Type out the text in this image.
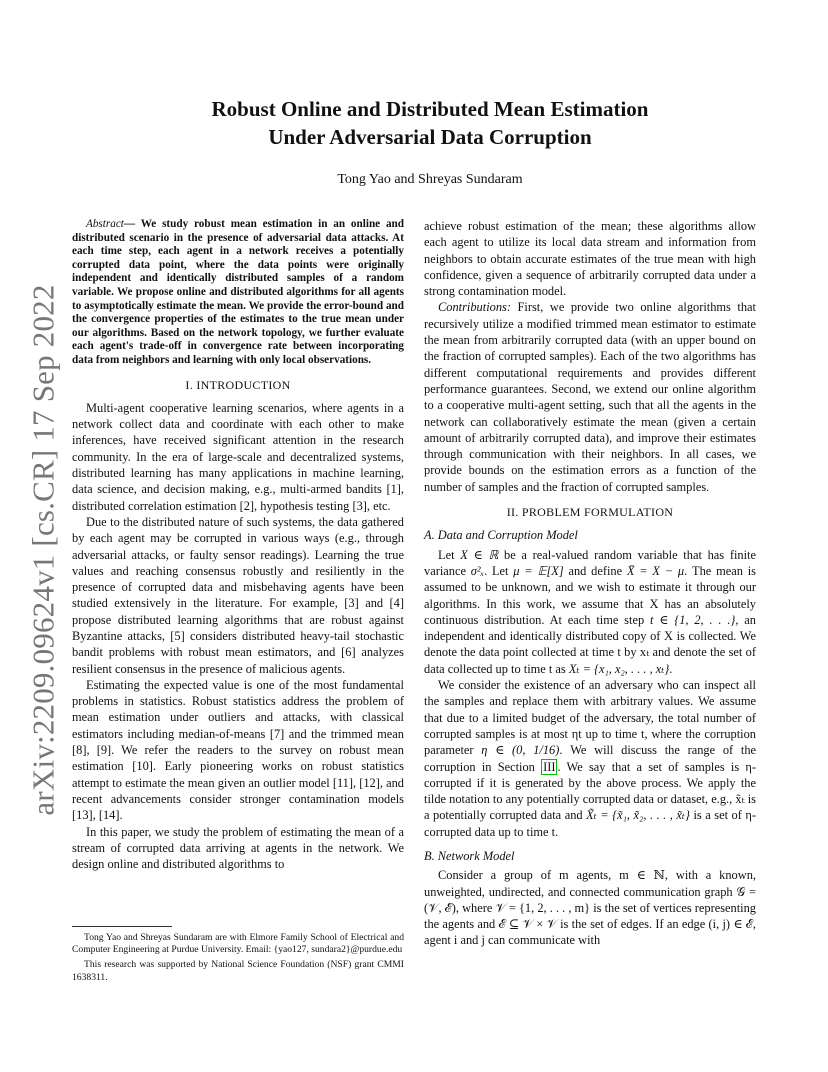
arXiv:2209.09624v1 [cs.CR] 17 Sep 2022
Robust Online and Distributed Mean Estimation
Under Adversarial Data Corruption
Tong Yao and Shreyas Sundaram

Abstract— We study robust mean estimation in an online and distributed scenario in the presence of adversarial data attacks. At each time step, each agent in a network receives a potentially corrupted data point, where the data points were originally independent and identically distributed samples of a random variable. We propose online and distributed algorithms for all agents to asymptotically estimate the mean. We provide the error-bound and the convergence properties of the estimates to the true mean under our algorithms. Based on the network topology, we further evaluate each agent's trade-off in convergence rate between incorporating data from neighbors and learning with only local observations.

I. INTRODUCTION

Multi-agent cooperative learning scenarios, where agents in a network collect data and coordinate with each other to make inferences, have received significant attention in the research community. In the era of large-scale and decentralized systems, distributed learning has many applications in machine learning, data science, and decision making, e.g., multi-armed bandits [1], distributed correlation estimation [2], hypothesis testing [3], etc.

Due to the distributed nature of such systems, the data gathered by each agent may be corrupted in various ways (e.g., through adversarial attacks, or faulty sensor readings). Learning the true values and reaching consensus robustly and resiliently in the presence of corrupted data and misbehaving agents have been studied extensively in the literature. For example, [3] and [4] propose distributed learning algorithms that are robust against Byzantine attacks, [5] considers distributed heavy-tail stochastic bandit problems with robust mean estimators, and [6] analyzes resilient consensus in the presence of malicious agents.

Estimating the expected value is one of the most fundamental problems in statistics. Robust statistics address the problem of mean estimation under outliers and attacks, with classical estimators including median-of-means [7] and the trimmed mean [8], [9]. We refer the readers to the survey on robust mean estimation [10]. Early pioneering works on robust statistics attempt to estimate the mean given an outlier model [11], [12], and recent advancements consider stronger contamination models [13], [14].

In this paper, we study the problem of estimating the mean of a stream of corrupted data arriving at agents in the network. We design online and distributed algorithms to

Tong Yao and Shreyas Sundaram are with Elmore Family School of Electrical and Computer Engineering at Purdue University. Email: {yao127, sundara2}@purdue.edu

This research was supported by National Science Foundation (NSF) grant CMMI 1638311.

achieve robust estimation of the mean; these algorithms allow each agent to utilize its local data stream and information from neighbors to obtain accurate estimates of the true mean with high confidence, given a sequence of arbitrarily corrupted data under a strong contamination model.

Contributions: First, we provide two online algorithms that recursively utilize a modified trimmed mean estimator to estimate the mean from arbitrarily corrupted data (with an upper bound on the fraction of corrupted samples). Each of the two algorithms has different computational requirements and provides different performance guarantees. Second, we extend our online algorithm to a cooperative multi-agent setting, such that all the agents in the network can collaboratively estimate the mean (given a certain amount of arbitrarily corrupted data), and improve their estimates through communication with their neighbors. In all cases, we provide bounds on the estimation errors as a function of the number of samples and the fraction of corrupted samples.

II. PROBLEM FORMULATION
A. Data and Corruption Model

Let X ∈ ℝ be a real-valued random variable that has finite variance σ²ₓ. Let μ = 𝔼[X] and define X̄ = X − μ. The mean is assumed to be unknown, and we wish to estimate it through our algorithms. In this work, we assume that X has an absolutely continuous distribution. At each time step t ∈ {1, 2, . . .}, an independent and identically distributed copy of X is collected. We denote the data point collected at time t by xₜ and denote the set of data collected up to time t as Xₜ = {x₁, x₂, . . . , xₜ}.

We consider the existence of an adversary who can inspect all the samples and replace them with arbitrary values. We assume that due to a limited budget of the adversary, the total number of corrupted samples is at most ηt up to time t, where the corruption parameter η ∈ (0, 1/16). We will discuss the range of the corruption in Section III . We say that a set of samples is η-corrupted if it is generated by the above process. We apply the tilde notation to any potentially corrupted data or dataset, e.g., x̃ₜ is a potentially corrupted data and X̃ₜ = {x̃₁, x̃₂, . . . , x̃ₜ} is a set of η-corrupted data up to time t.

B. Network Model

Consider a group of m agents, m ∈ ℕ, with a known, unweighted, undirected, and connected communication graph 𝒢 = (𝒱, ℰ), where 𝒱 = {1, 2, . . . , m} is the set of vertices representing the agents and ℰ ⊆ 𝒱 × 𝒱 is the set of edges. If an edge (i, j) ∈ ℰ, agent i and j can communicate with
